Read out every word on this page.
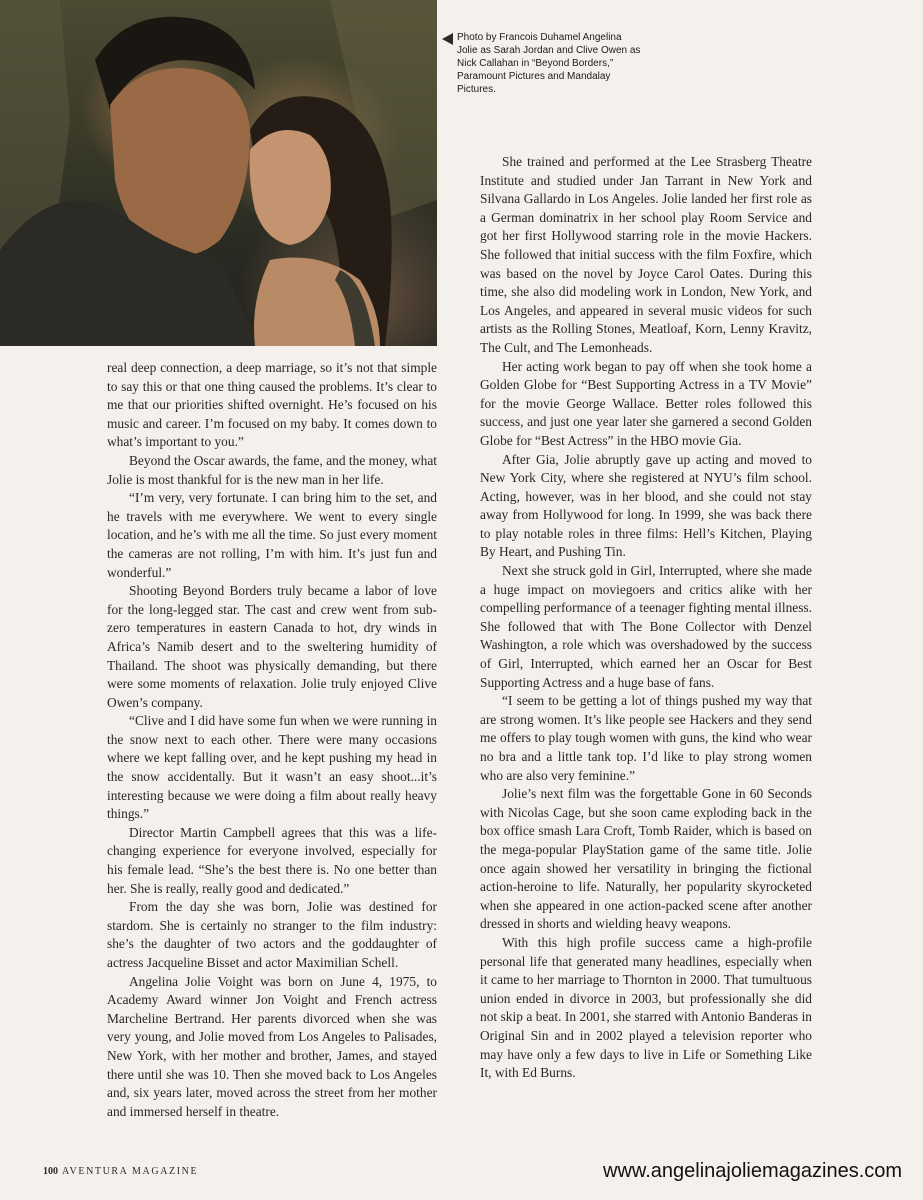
Photo by Francois Duhamel Angelina Jolie as Sarah Jordan and Clive Owen as Nick Callahan in “Beyond Borders,” Paramount Pictures and Mandalay Pictures.

real deep connection, a deep marriage, so it’s not that simple to say this or that one thing caused the problems. It’s clear to me that our priorities shifted overnight. He’s focused on his music and career. I’m focused on my baby. It comes down to what’s important to you.”

Beyond the Oscar awards, the fame, and the money, what Jolie is most thankful for is the new man in her life.

“I’m very, very fortunate. I can bring him to the set, and he travels with me everywhere. We went to every single location, and he’s with me all the time. So just every moment the cameras are not rolling, I’m with him. It’s just fun and wonderful.”

Shooting Beyond Borders truly became a labor of love for the long-legged star. The cast and crew went from sub-zero temperatures in eastern Canada to hot, dry winds in Africa’s Namib desert and to the sweltering humidity of Thailand. The shoot was physically demanding, but there were some moments of relaxation. Jolie truly enjoyed Clive Owen’s company.

“Clive and I did have some fun when we were running in the snow next to each other. There were many occasions where we kept falling over, and he kept pushing my head in the snow accidentally. But it wasn’t an easy shoot...it’s interesting because we were doing a film about really heavy things.”

Director Martin Campbell agrees that this was a life-changing experience for everyone involved, especially for his female lead. “She’s the best there is. No one better than her. She is really, really good and dedicated.”

From the day she was born, Jolie was destined for stardom. She is certainly no stranger to the film industry: she’s the daughter of two actors and the goddaughter of actress Jacqueline Bisset and actor Maximilian Schell.

Angelina Jolie Voight was born on June 4, 1975, to Academy Award winner Jon Voight and French actress Marcheline Bertrand. Her parents divorced when she was very young, and Jolie moved from Los Angeles to Palisades, New York, with her mother and brother, James, and stayed there until she was 10. Then she moved back to Los Angeles and, six years later, moved across the street from her mother and immersed herself in theatre.

She trained and performed at the Lee Strasberg Theatre Institute and studied under Jan Tarrant in New York and Silvana Gallardo in Los Angeles. Jolie landed her first role as a German dominatrix in her school play Room Service and got her first Hollywood starring role in the movie Hackers. She followed that initial success with the film Foxfire, which was based on the novel by Joyce Carol Oates. During this time, she also did modeling work in London, New York, and Los Angeles, and appeared in several music videos for such artists as the Rolling Stones, Meatloaf, Korn, Lenny Kravitz, The Cult, and The Lemonheads.

Her acting work began to pay off when she took home a Golden Globe for “Best Supporting Actress in a TV Movie” for the movie George Wallace. Better roles followed this success, and just one year later she garnered a second Golden Globe for “Best Actress” in the HBO movie Gia.

After Gia, Jolie abruptly gave up acting and moved to New York City, where she registered at NYU’s film school. Acting, however, was in her blood, and she could not stay away from Hollywood for long. In 1999, she was back there to play notable roles in three films: Hell’s Kitchen, Playing By Heart, and Pushing Tin.

Next she struck gold in Girl, Interrupted, where she made a huge impact on moviegoers and critics alike with her compelling performance of a teenager fighting mental illness. She followed that with The Bone Collector with Denzel Washington, a role which was overshadowed by the success of Girl, Interrupted, which earned her an Oscar for Best Supporting Actress and a huge base of fans.

“I seem to be getting a lot of things pushed my way that are strong women. It’s like people see Hackers and they send me offers to play tough women with guns, the kind who wear no bra and a little tank top. I’d like to play strong women who are also very feminine.”

Jolie’s next film was the forgettable Gone in 60 Seconds with Nicolas Cage, but she soon came exploding back in the box office smash Lara Croft, Tomb Raider, which is based on the mega-popular PlayStation game of the same title. Jolie once again showed her versatility in bringing the fictional action-heroine to life. Naturally, her popularity skyrocketed when she appeared in one action-packed scene after another dressed in shorts and wielding heavy weapons.

With this high profile success came a high-profile personal life that generated many headlines, especially when it came to her marriage to Thornton in 2000. That tumultuous union ended in divorce in 2003, but professionally she did not skip a beat. In 2001, she starred with Antonio Banderas in Original Sin and in 2002 played a television reporter who may have only a few days to live in Life or Something Like It, with Ed Burns.

100 AVENTURA MAGAZINE	www.angelinajoliemagazines.com
